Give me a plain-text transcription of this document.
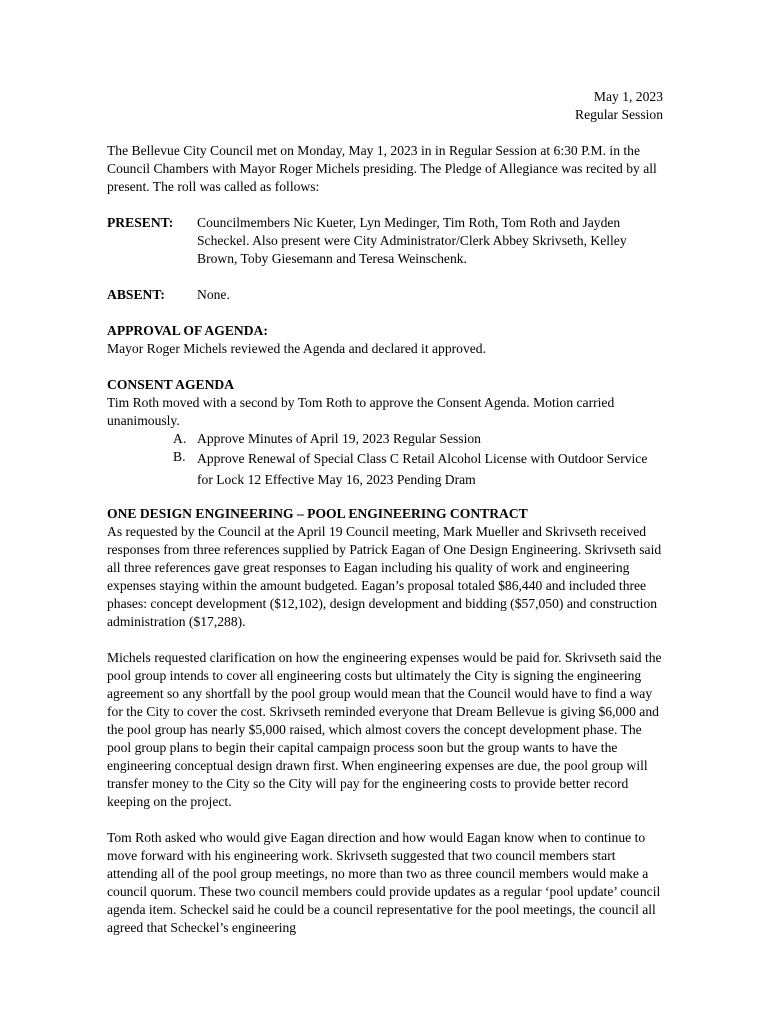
May 1, 2023
Regular Session

The Bellevue City Council met on Monday, May 1, 2023 in in Regular Session at 6:30 P.M. in the Council Chambers with Mayor Roger Michels presiding. The Pledge of Allegiance was recited by all present. The roll was called as follows:

PRESENT:	Councilmembers Nic Kueter, Lyn Medinger, Tim Roth, Tom Roth and Jayden Scheckel. Also present were City Administrator/Clerk Abbey Skrivseth, Kelley Brown, Toby Giesemann and Teresa Weinschenk.
ABSENT:	None.
APPROVAL OF AGENDA:

Mayor Roger Michels reviewed the Agenda and declared it approved.

CONSENT AGENDA

Tim Roth moved with a second by Tom Roth to approve the Consent Agenda. Motion carried unanimously.

A. Approve Minutes of April 19, 2023 Regular Session
B. Approve Renewal of Special Class C Retail Alcohol License with Outdoor Service for Lock 12 Effective May 16, 2023 Pending Dram
ONE DESIGN ENGINEERING – POOL ENGINEERING CONTRACT

As requested by the Council at the April 19 Council meeting, Mark Mueller and Skrivseth received responses from three references supplied by Patrick Eagan of One Design Engineering. Skrivseth said all three references gave great responses to Eagan including his quality of work and engineering expenses staying within the amount budgeted. Eagan’s proposal totaled $86,440 and included three phases: concept development ($12,102), design development and bidding ($57,050) and construction administration ($17,288).

Michels requested clarification on how the engineering expenses would be paid for. Skrivseth said the pool group intends to cover all engineering costs but ultimately the City is signing the engineering agreement so any shortfall by the pool group would mean that the Council would have to find a way for the City to cover the cost. Skrivseth reminded everyone that Dream Bellevue is giving $6,000 and the pool group has nearly $5,000 raised, which almost covers the concept development phase. The pool group plans to begin their capital campaign process soon but the group wants to have the engineering conceptual design drawn first. When engineering expenses are due, the pool group will transfer money to the City so the City will pay for the engineering costs to provide better record keeping on the project.

Tom Roth asked who would give Eagan direction and how would Eagan know when to continue to move forward with his engineering work. Skrivseth suggested that two council members start attending all of the pool group meetings, no more than two as three council members would make a council quorum. These two council members could provide updates as a regular ‘pool update’ council agenda item. Scheckel said he could be a council representative for the pool meetings, the council all agreed that Scheckel’s engineering
